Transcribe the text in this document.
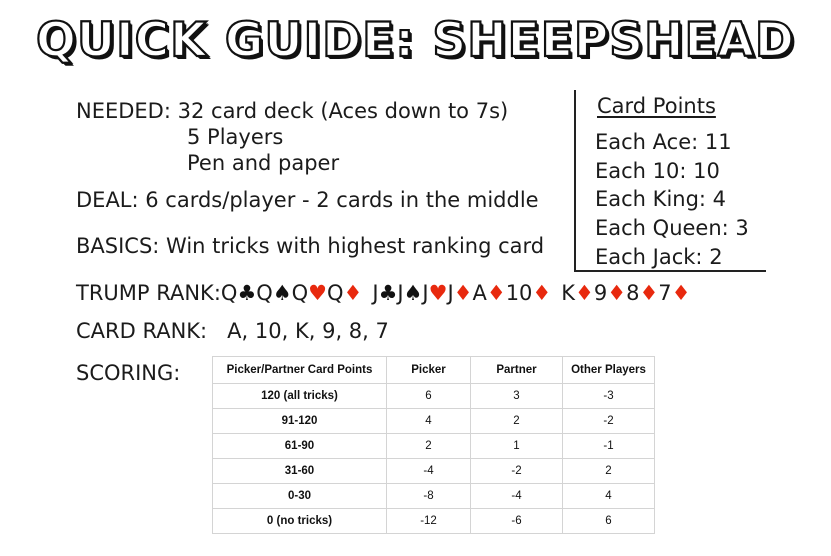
QUICK GUIDE: SHEEPSHEAD
NEEDED: 32 card deck (Aces down to 7s)
5 Players
Pen and paper
DEAL: 6 cards/player - 2 cards in the middle
BASICS: Win tricks with highest ranking card
Card Points
Each Ace: 11
Each 10: 10
Each King: 4
Each Queen: 3
Each Jack: 2
TRUMP RANK:Q♣Q♠Q♥Q♦ J♣J♠J♥J♦A♦10♦ K♦9♦8♦7♦
CARD RANK: A, 10, K, 9, 8, 7
SCORING:	Picker/Partner Card Points	Picker	Partner	Other Players
120 (all tricks)	6	3	-3
91-120	4	2	-2
61-90	2	1	-1
31-60	-4	-2	2
0-30	-8	-4	4
0 (no tricks)	-12	-6	6
